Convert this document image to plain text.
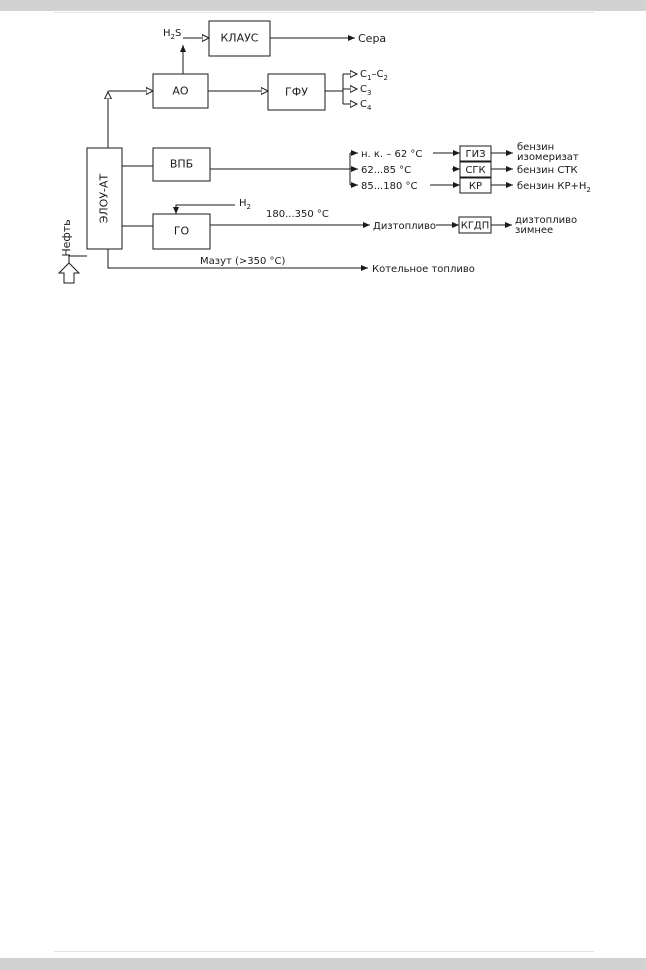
ЭЛОУ-АТ
КЛАУС
АО	ГФУ
ВПБ
ГО
ГИЗ
СГК
КР
КГДП
Нефть
$H_2S$	Сера
$C_1-C_2$
$C_3$
$C_4$
н. к. – 62 °C
62...85 °C
85...180 °C
$H_2$
180...350 °C
Дизтопливо
Мазут (>350 °C)
Котельное топливо
бензин
изомеризат
бензин СТК
бензин $КР+H_2$
дизтопливо
зимнее
